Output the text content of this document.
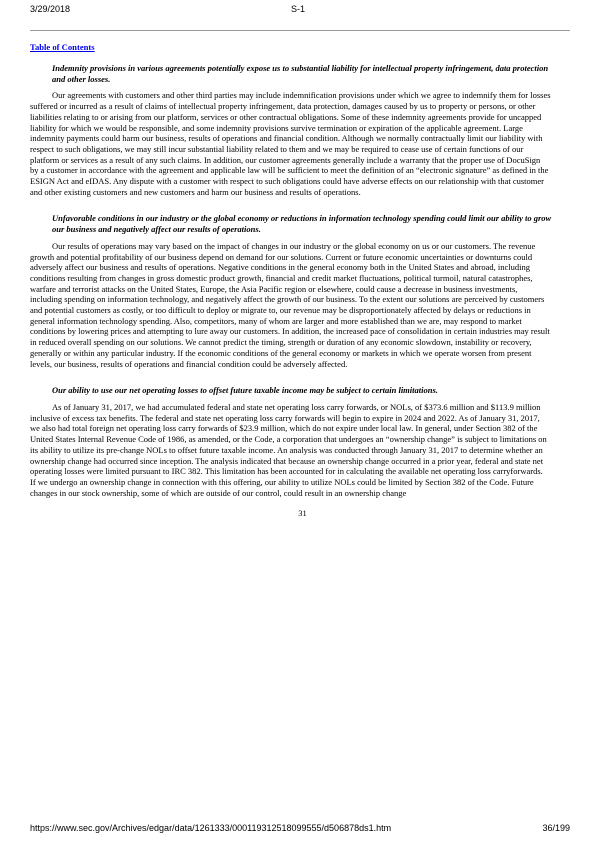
3/29/2018	S-1
Table of Contents
Indemnity provisions in various agreements potentially expose us to substantial liability for intellectual property infringement, data protection
and other losses.
Our agreements with customers and other third parties may include indemnification provisions under which we agree to indemnify them for losses
suffered or incurred as a result of claims of intellectual property infringement, data protection, damages caused by us to property or persons, or other
liabilities relating to or arising from our platform, services or other contractual obligations. Some of these indemnity agreements provide for uncapped
liability for which we would be responsible, and some indemnity provisions survive termination or expiration of the applicable agreement. Large
indemnity payments could harm our business, results of operations and financial condition. Although we normally contractually limit our liability with
respect to such obligations, we may still incur substantial liability related to them and we may be required to cease use of certain functions of our
platform or services as a result of any such claims. In addition, our customer agreements generally include a warranty that the proper use of DocuSign
by a customer in accordance with the agreement and applicable law will be sufficient to meet the definition of an “electronic signature” as defined in the
ESIGN Act and eIDAS. Any dispute with a customer with respect to such obligations could have adverse effects on our relationship with that customer
and other existing customers and new customers and harm our business and results of operations.
Unfavorable conditions in our industry or the global economy or reductions in information technology spending could limit our ability to grow
our business and negatively affect our results of operations.
Our results of operations may vary based on the impact of changes in our industry or the global economy on us or our customers. The revenue
growth and potential profitability of our business depend on demand for our solutions. Current or future economic uncertainties or downturns could
adversely affect our business and results of operations. Negative conditions in the general economy both in the United States and abroad, including
conditions resulting from changes in gross domestic product growth, financial and credit market fluctuations, political turmoil, natural catastrophes,
warfare and terrorist attacks on the United States, Europe, the Asia Pacific region or elsewhere, could cause a decrease in business investments,
including spending on information technology, and negatively affect the growth of our business. To the extent our solutions are perceived by customers
and potential customers as costly, or too difficult to deploy or migrate to, our revenue may be disproportionately affected by delays or reductions in
general information technology spending. Also, competitors, many of whom are larger and more established than we are, may respond to market
conditions by lowering prices and attempting to lure away our customers. In addition, the increased pace of consolidation in certain industries may result
in reduced overall spending on our solutions. We cannot predict the timing, strength or duration of any economic slowdown, instability or recovery,
generally or within any particular industry. If the economic conditions of the general economy or markets in which we operate worsen from present
levels, our business, results of operations and financial condition could be adversely affected.
Our ability to use our net operating losses to offset future taxable income may be subject to certain limitations.
As of January 31, 2017, we had accumulated federal and state net operating loss carry forwards, or NOLs, of $373.6 million and $113.9 million
inclusive of excess tax benefits. The federal and state net operating loss carry forwards will begin to expire in 2024 and 2022. As of January 31, 2017,
we also had total foreign net operating loss carry forwards of $23.9 million, which do not expire under local law. In general, under Section 382 of the
United States Internal Revenue Code of 1986, as amended, or the Code, a corporation that undergoes an “ownership change” is subject to limitations on
its ability to utilize its pre-change NOLs to offset future taxable income. An analysis was conducted through January 31, 2017 to determine whether an
ownership change had occurred since inception. The analysis indicated that because an ownership change occurred in a prior year, federal and state net
operating losses were limited pursuant to IRC 382. This limitation has been accounted for in calculating the available net operating loss carryforwards.
If we undergo an ownership change in connection with this offering, our ability to utilize NOLs could be limited by Section 382 of the Code. Future
changes in our stock ownership, some of which are outside of our control, could result in an ownership change
31
https://www.sec.gov/Archives/edgar/data/1261333/000119312518099555/d506878ds1.htm	36/199
